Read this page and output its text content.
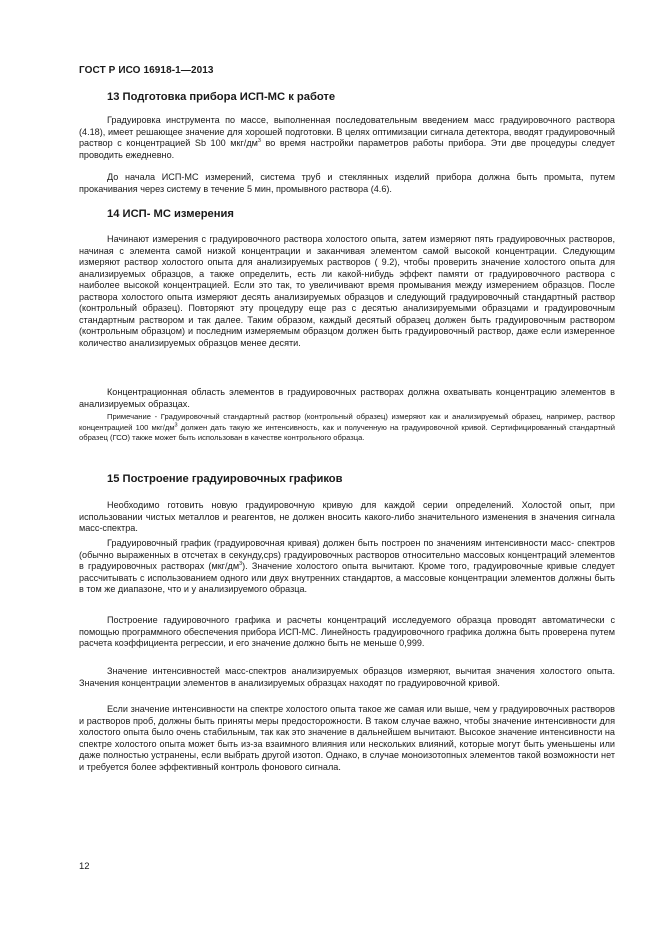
ГОСТ Р ИСО 16918-1—2013
13 Подготовка прибора ИСП-МС к работе

Градуировка инструмента по массе, выполненная последовательным введением масс градуировочного раствора (4.18), имеет решающее значение для хорошей подготовки. В целях оптимизации сигнала детектора, вводят градуировочный раствор с концентрацией Sb 100 мкг/$дм^3$ во время настройки параметров работы прибора. Эти две процедуры следует проводить ежедневно.

До начала ИСП-МС измерений, система труб и стеклянных изделий прибора должна быть промыта, путем прокачивания через систему в течение 5 мин, промывного раствора (4.6).

14 ИСП- МС измерения

Начинают измерения с градуировочного раствора холостого опыта, затем измеряют пять градуировочных растворов, начиная с элемента самой низкой концентрации и заканчивая элементом самой высокой концентрации. Следующим измеряют раствор холостого опыта для анализируемых растворов ( 9.2), чтобы проверить значение холостого опыта для анализируемых образцов, а также определить, есть ли какой-нибудь эффект памяти от градуировочного раствора с наиболее высокой концентрацией. Если это так, то увеличивают время промывания между измерением образцов. После раствора холостого опыта измеряют десять анализируемых образцов и следующий градуировочный стандартный раствор (контрольный образец). Повторяют эту процедуру еще раз с десятью анализируемыми образцами и градуировочным стандартным раствором и так далее. Таким образом, каждый десятый образец должен быть градуировочным раствором (контрольным образцом) и последним измеряемым образцом должен быть градуировочный раствор, даже если измеренное количество анализируемых образцов менее десяти.

Концентрационная область элементов в градуировочных растворах должна охватывать концентрацию элементов в анализируемых образцах.

Примечание - Градуировочный стандартный раствор (контрольный образец) измеряют как и анализируемый образец, например, раствор концентрацией 100 мкг/$дм^3$ должен дать такую же интенсивность, как и полученную на градуировочной кривой. Сертифицированный стандартный образец (ГСО) также может быть использован в качестве контрольного образца.

15 Построение градуировочных графиков

Необходимо готовить новую градуировочную кривую для каждой серии определений. Холостой опыт, при использовании чистых металлов и реагентов, не должен вносить какого-либо значительного изменения в значения сигнала масс-спектра.

Градуировочный график (градуировочная кривая) должен быть построен по значениям интенсивности масс- спектров (обычно выраженных в отсчетах в секунду,cps) градуировочных растворов относительно массовых концентраций элементов в градуировочных растворах $(мкг/дм^3)$. Значение холостого опыта вычитают. Кроме того, градуировочные кривые следует рассчитывать с использованием одного или двух внутренних стандартов, а массовые концентрации элементов должны быть в том же диапазоне, что и у анализируемого образца.

Построение гадуировочного графика и расчеты концентраций исследуемого образца проводят автоматически с помощью программного обеспечения прибора ИСП-МС. Линейность градуировочного графика должна быть проверена путем расчета коэффициента регрессии, и его значение должно быть не меньше 0,999.

Значение интенсивностей масс-спектров анализируемых образцов измеряют, вычитая значения холостого опыта. Значения концентрации элементов в анализируемых образцах находят по градуировочной кривой.

Если значение интенсивности на спектре холостого опыта такое же самая или выше, чем у градуировочных растворов и растворов проб, должны быть приняты меры предосторожности. В таком случае важно, чтобы значение интенсивности для холостого опыта было очень стабильным, так как это значение в дальнейшем вычитают. Высокое значение интенсивности на спектре холостого опыта может быть из-за взаимного влияния или нескольких влияний, которые могут быть уменьшены или даже полностью устранены, если выбрать другой изотоп. Однако, в случае моноизотопных элементов такой возможности нет и требуется более эффективный контроль фонового сигнала.

12
